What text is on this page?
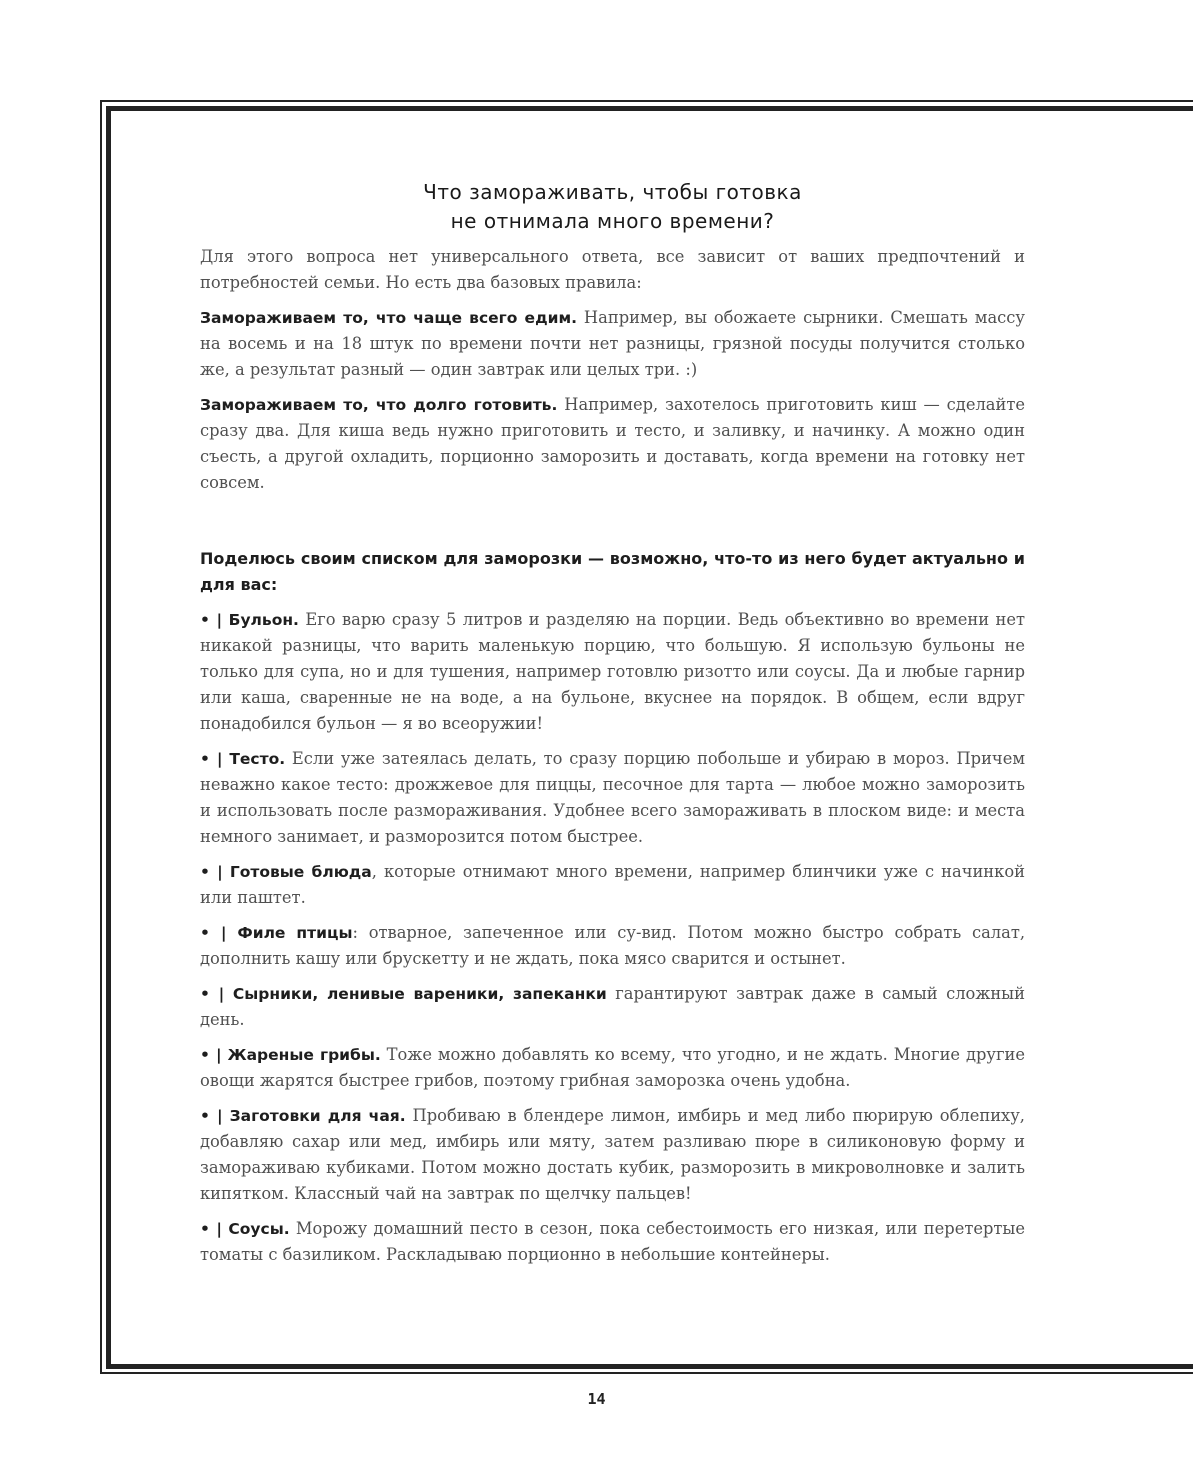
Что замораживать, чтобы готовка
не отнимала много времени?

Для этого вопроса нет универсального ответа, все зависит от ваших предпочтений и потребностей семьи. Но есть два базовых правила:

Замораживаем то, что чаще всего едим. Например, вы обожаете сырники. Смешать массу на восемь и на 18 штук по времени почти нет разницы, грязной посуды получится столько же, а результат разный — один завтрак или целых три. :)

Замораживаем то, что долго готовить. Например, захотелось приготовить киш — сделайте сразу два. Для киша ведь нужно приготовить и тесто, и заливку, и начинку. А можно один съесть, а другой охладить, порционно заморозить и доставать, когда времени на готовку нет совсем.

Поделюсь своим списком для заморозки — возможно, что-то из него будет актуально и для вас:

• | Бульон. Его варю сразу 5 литров и разделяю на порции. Ведь объективно во времени нет никакой разницы, что варить маленькую порцию, что большую. Я использую бульоны не только для супа, но и для тушения, например готовлю ризотто или соусы. Да и любые гарнир или каша, сваренные не на воде, а на бульоне, вкуснее на порядок. В общем, если вдруг понадобился бульон — я во всеоружии!

• | Тесто. Если уже затеялась делать, то сразу порцию побольше и убираю в мороз. Причем неважно какое тесто: дрожжевое для пиццы, песочное для тарта — любое можно заморозить и использовать после размораживания. Удобнее всего замораживать в плоском виде: и места немного занимает, и разморозится потом быстрее.

• | Готовые блюда, которые отнимают много времени, например блинчики уже с начинкой или паштет.

• | Филе птицы: отварное, запеченное или су-вид. Потом можно быстро собрать салат, дополнить кашу или брускетту и не ждать, пока мясо сварится и остынет.

• | Сырники, ленивые вареники, запеканки гарантируют завтрак даже в самый сложный день.

• | Жареные грибы. Тоже можно добавлять ко всему, что угодно, и не ждать. Многие другие овощи жарятся быстрее грибов, поэтому грибная заморозка очень удобна.

• | Заготовки для чая. Пробиваю в блендере лимон, имбирь и мед либо пюрирую облепиху, добавляю сахар или мед, имбирь или мяту, затем разливаю пюре в силиконовую форму и замораживаю кубиками. Потом можно достать кубик, разморозить в микроволновке и залить кипятком. Классный чай на завтрак по щелчку пальцев!

• | Соусы. Морожу домашний песто в сезон, пока себестоимость его низкая, или перетертые томаты с базиликом. Раскладываю порционно в небольшие контейнеры.

14
